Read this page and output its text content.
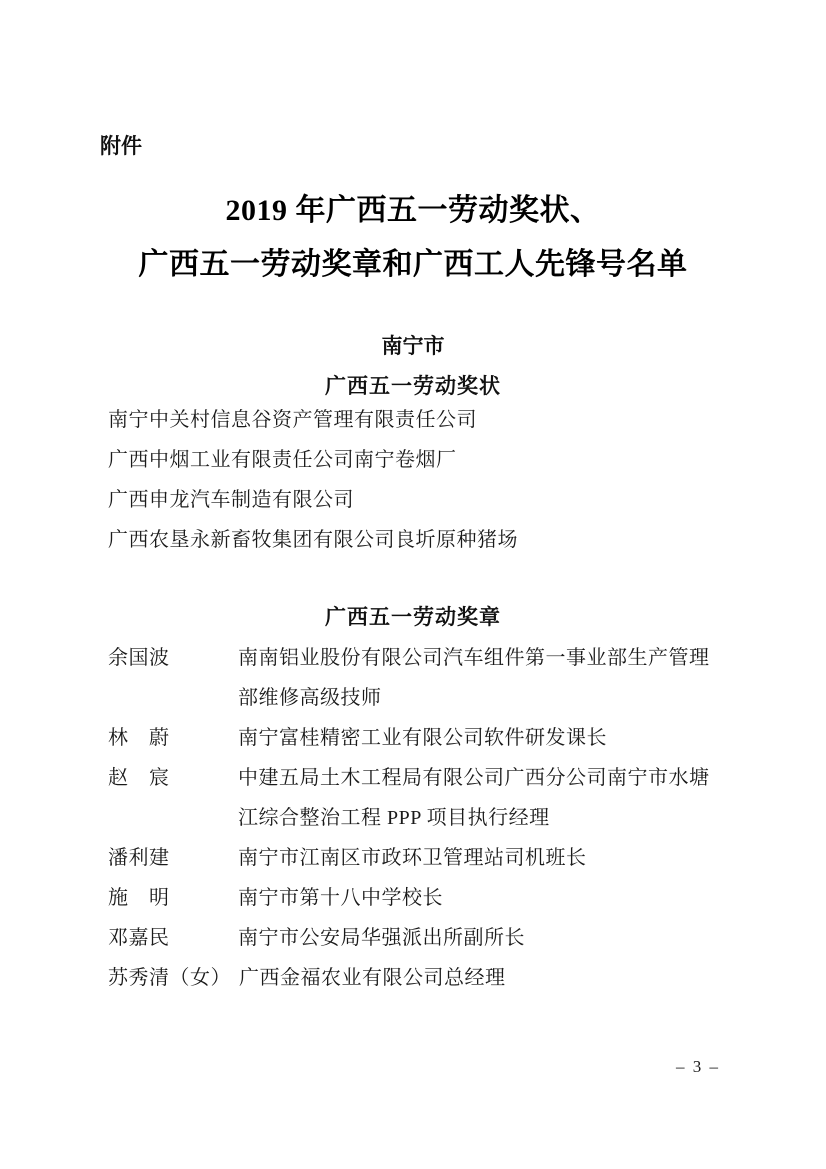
附件
2019 年广西五一劳动奖状、
广西五一劳动奖章和广西工人先锋号名单
南宁市
广西五一劳动奖状
南宁中关村信息谷资产管理有限责任公司
广西中烟工业有限责任公司南宁卷烟厂
广西申龙汽车制造有限公司
广西农垦永新畜牧集团有限公司良圻原种猪场
广西五一劳动奖章
余国波	南南铝业股份有限公司汽车组件第一事业部生产管理部维修高级技师
林　蔚	南宁富桂精密工业有限公司软件研发课长
赵　宸	中建五局土木工程局有限公司广西分公司南宁市水塘江综合整治工程 PPP 项目执行经理
潘利建	南宁市江南区市政环卫管理站司机班长
施　明	南宁市第十八中学校长
邓嘉民	南宁市公安局华强派出所副所长
苏秀清（女） 广西金福农业有限公司总经理
– 3 –
